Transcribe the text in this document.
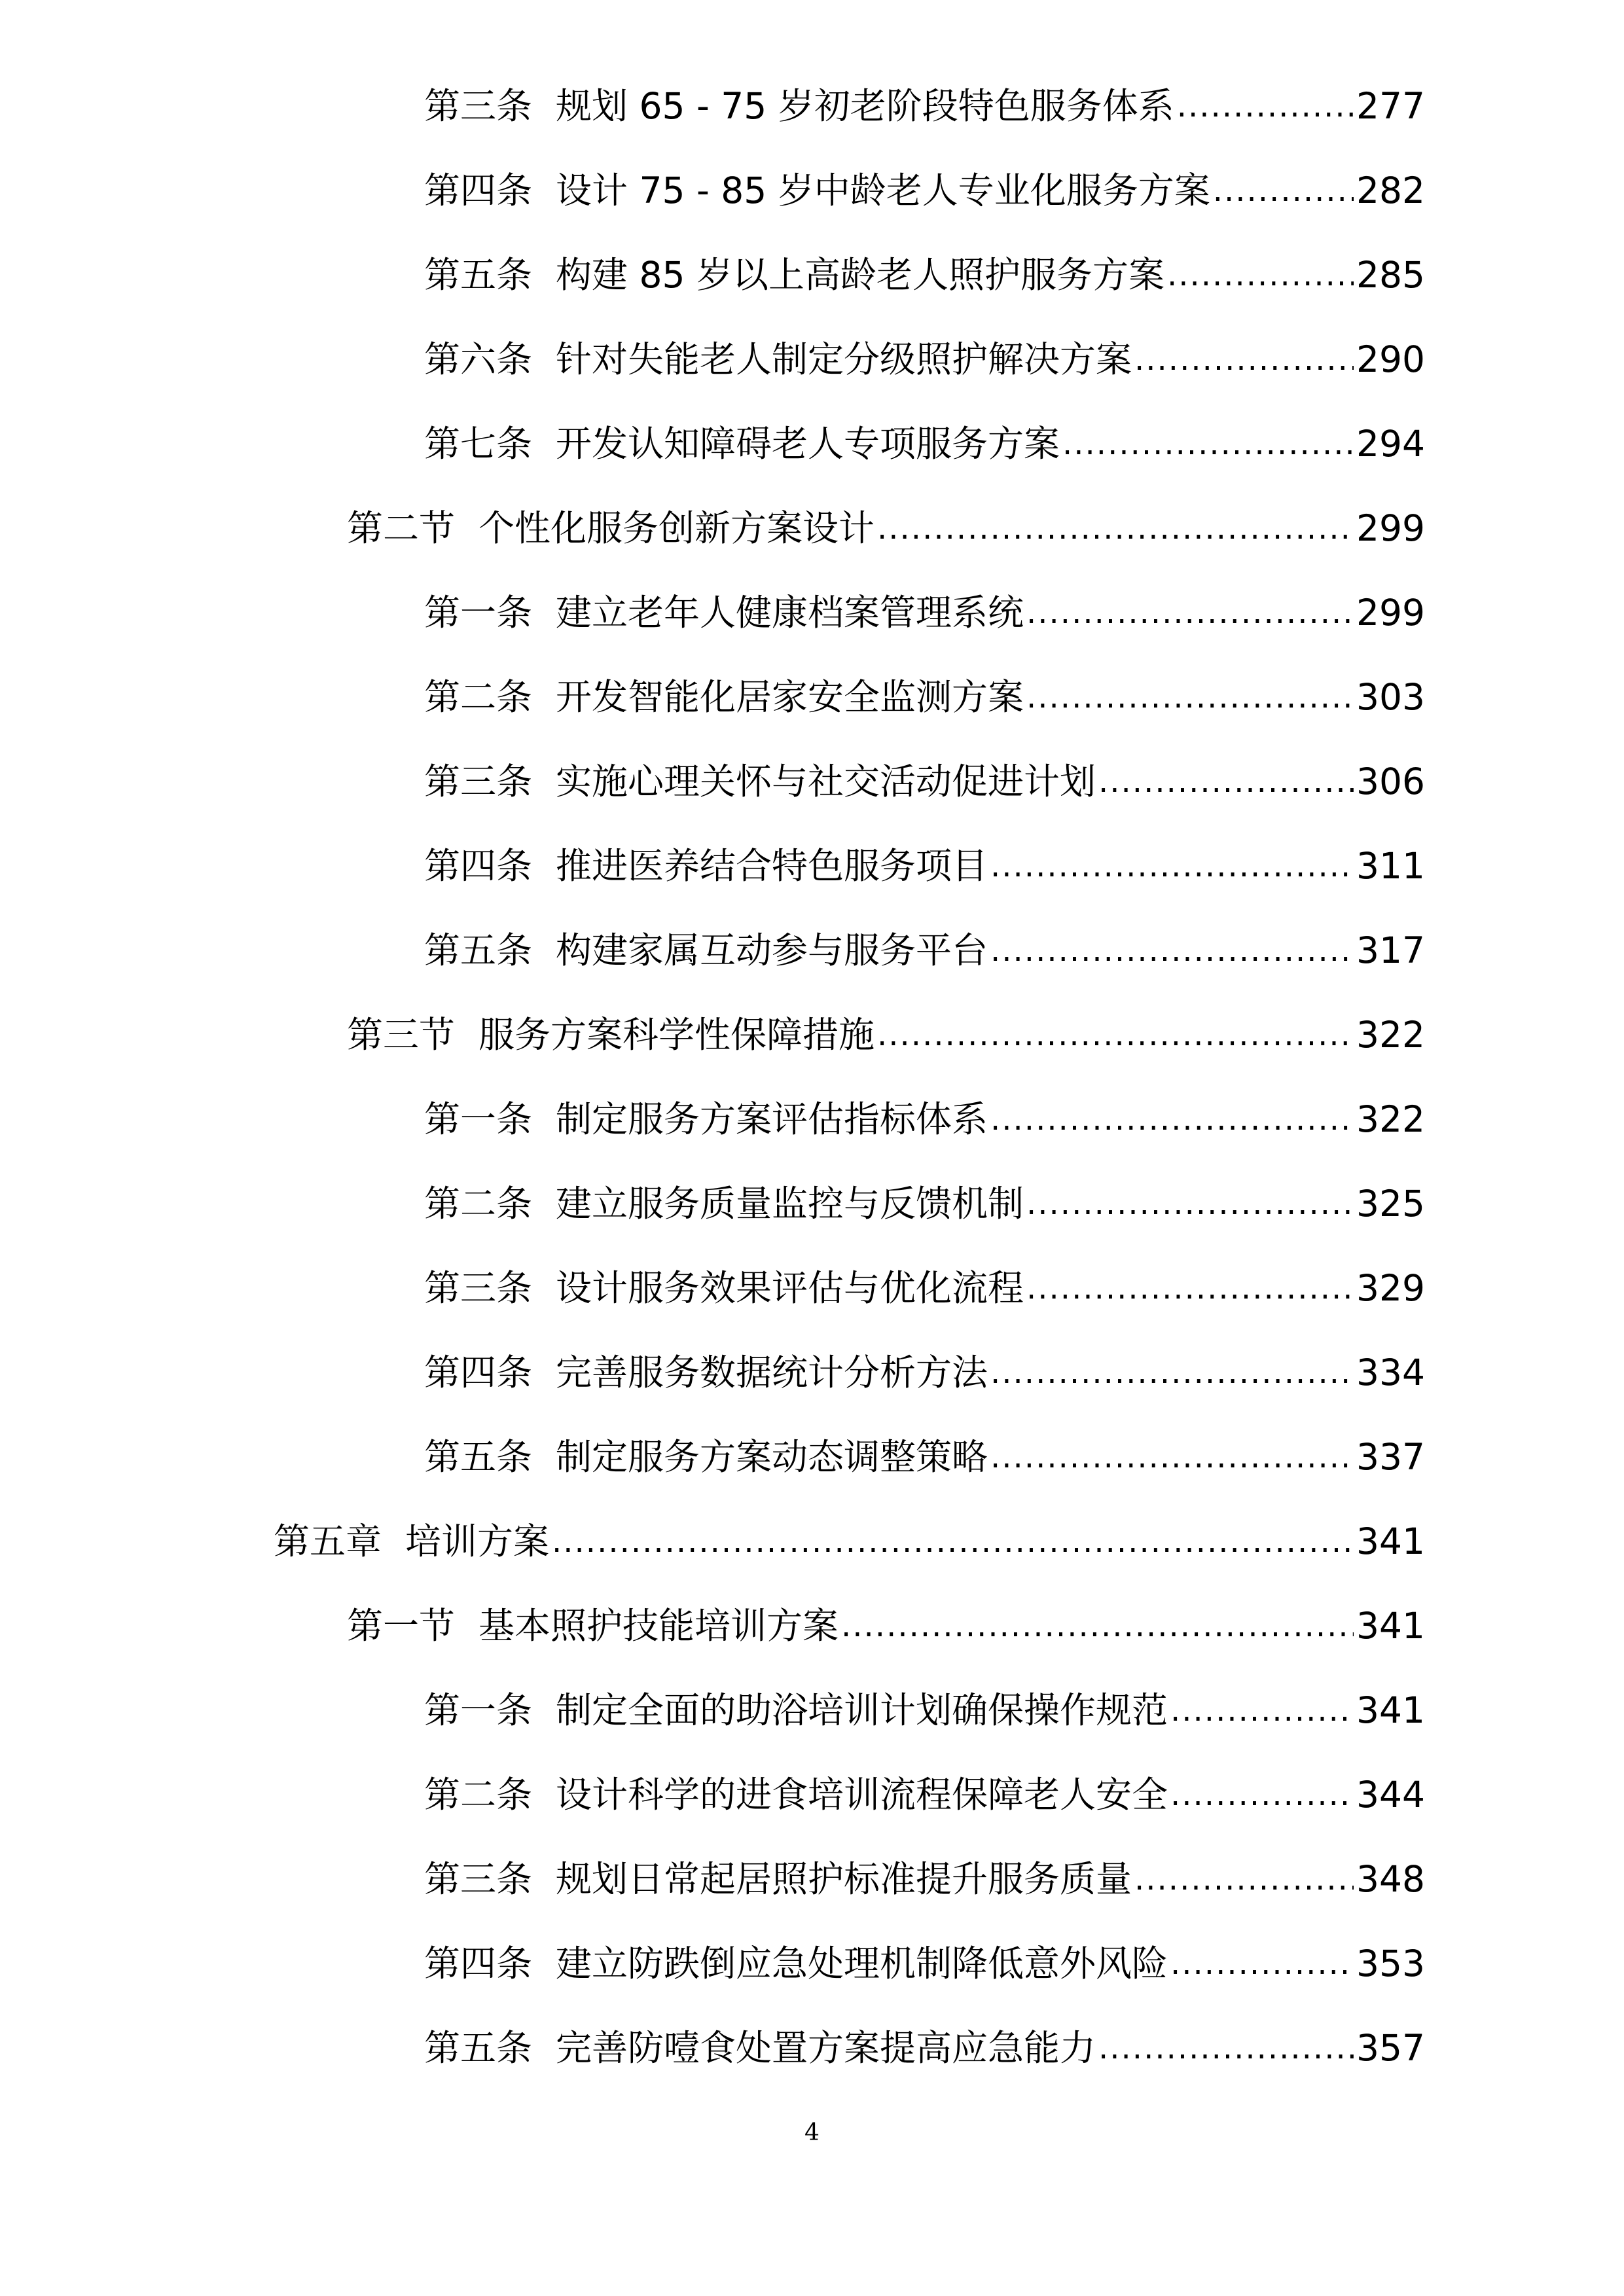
第三条 规划 65 - 75 岁初老阶段特色服务体系 .....	277
第四条 设计 75 - 85 岁中龄老人专业化服务方案 .....	282
第五条 构建 85 岁以上高龄老人照护服务方案 .....	285
第六条 针对失能老人制定分级照护解决方案 .....	290
第七条 开发认知障碍老人专项服务方案 .....	294
第二节 个性化服务创新方案设计 .....	299
第一条 建立老年人健康档案管理系统 .....	299
第二条 开发智能化居家安全监测方案 .....	303
第三条 实施心理关怀与社交活动促进计划 .....	306
第四条 推进医养结合特色服务项目 .....	311
第五条 构建家属互动参与服务平台 .....	317
第三节 服务方案科学性保障措施 .....	322
第一条 制定服务方案评估指标体系 .....	322
第二条 建立服务质量监控与反馈机制 .....	325
第三条 设计服务效果评估与优化流程 .....	329
第四条 完善服务数据统计分析方法 .....	334
第五条 制定服务方案动态调整策略 .....	337
第五章 培训方案 .....	341
第一节 基本照护技能培训方案 .....	341
第一条 制定全面的助浴培训计划确保操作规范 .....	341
第二条 设计科学的进食培训流程保障老人安全 .....	344
第三条 规划日常起居照护标准提升服务质量 .....	348
第四条 建立防跌倒应急处理机制降低意外风险 .....	353
第五条 完善防噎食处置方案提高应急能力 .....	357
4
